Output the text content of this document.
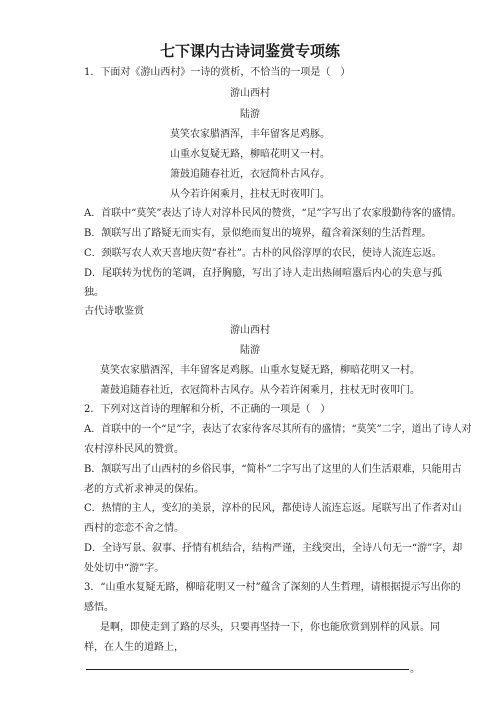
七下课内古诗词鉴赏专项练
1．下面对《游山西村》一诗的赏析，不恰当的一项是（　）
游山西村
陆游
莫笑农家腊酒浑，丰年留客足鸡豚。
山重水复疑无路，柳暗花明又一村。
箫鼓追随春社近，衣冠简朴古风存。
从今若许闲乘月，拄杖无时夜叩门。
A．首联中“莫笑”表达了诗人对淳朴民风的赞赏，“足”字写出了农家殷勤待客的盛情。
B．颔联写出了路疑无而实有，景似绝而复出的境界，蕴含着深刻的生活哲理。
C．颈联写农人欢天喜地庆贺“春社”。古朴的风俗淳厚的农民，使诗人流连忘返。
D．尾联转为忧伤的笔调，直抒胸臆，写出了诗人走出热闹喧嚣后内心的失意与孤
独。
古代诗歌鉴赏
游山西村
陆游
莫笑农家腊酒浑，丰年留客足鸡豚。山重水复疑无路，柳暗花明又一村。
萧鼓追随春社近，衣冠简朴古风存。从今若许闲乘月，拄杖无时夜叩门。
2．下列对这首诗的理解和分析，不正确的一项是（　）
A．首联中的一个“足”字，表达了农家待客尽其所有的盛情；“莫笑”二字，道出了诗人对
农村淳朴民风的赞赏。
B．颔联写出了山西村的乡俗民事，“简朴”二字写出了这里的人们生活艰难，只能用古
老的方式祈求神灵的保佑。
C．热情的主人，变幻的美景，淳朴的民风，都使诗人流连忘返。尾联写出了作者对山
西村的恋恋不舍之情。
D．全诗写景、叙事、抒情有机结合，结构严谨，主线突出，全诗八句无一“游”字，却
处处切中“游”字。
3．“山重水复疑无路，柳暗花明又一村”蕴含了深刻的人生哲理，请根据提示写出你的
感悟。
是啊，即使走到了路的尽头，只要再坚持一下，你也能欣赏到别样的风景。同
样，在人生的道路上，
。
